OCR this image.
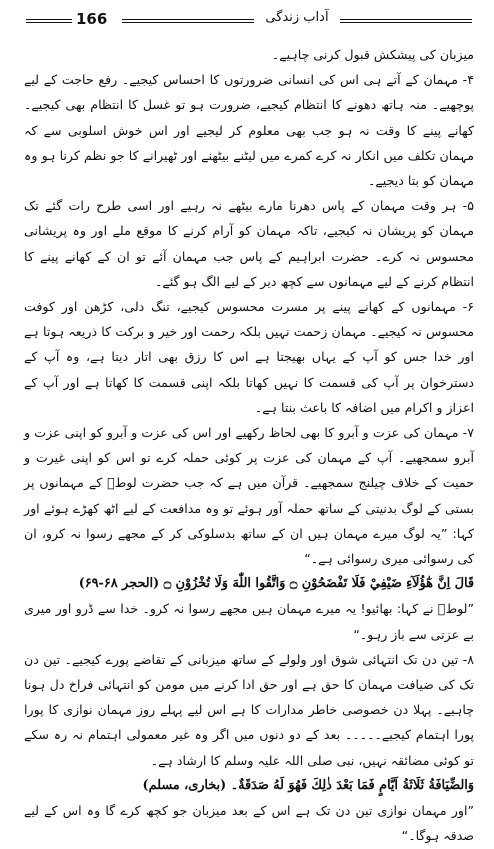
166	آداب زندگی

میزبان کی پیشکش قبول کرنی چاہیے۔

۴- مہمان کے آتے ہی اس کی انسانی ضرورتوں کا احساس کیجیے۔ رفع حاجت کے لیے پوچھیے۔ منہ ہاتھ دھونے کا انتظام کیجیے، ضرورت ہو تو غسل کا انتظام بھی کیجیے۔ کھانے پینے کا وقت نہ ہو جب بھی معلوم کر لیجیے اور اس خوش اسلوبی سے کہ مہمان تکلف میں انکار نہ کرے کمرے میں لیٹنے بیٹھنے اور ٹھیرانے کا جو نظم کرنا ہو وہ مہمان کو بتا دیجیے۔

۵- ہر وقت مہمان کے پاس دھرنا مارے بیٹھے نہ رہیے اور اسی طرح رات گئے تک مہمان کو پریشان نہ کیجیے، تاکہ مہمان کو آرام کرنے کا موقع ملے اور وہ پریشانی محسوس نہ کرے۔ حضرت ابراہیم کے پاس جب مہمان آئے تو ان کے کھانے پینے کا انتظام کرنے کے لیے مہمانوں سے کچھ دیر کے لیے الگ ہو گئے۔

۶- مہمانوں کے کھانے پینے پر مسرت محسوس کیجیے، تنگ دلی، کڑھن اور کوفت محسوس نہ کیجیے۔ مہمان زحمت نہیں بلکہ رحمت اور خیر و برکت کا ذریعہ ہوتا ہے اور خدا جس کو آپ کے یہاں بھیجتا ہے اس کا رزق بھی اتار دیتا ہے، وہ آپ کے دسترخوان پر آپ کی قسمت کا نہیں کھاتا بلکہ اپنی قسمت کا کھاتا ہے اور آپ کے اعزاز و اکرام میں اضافہ کا باعث بنتا ہے۔

۷- مہمان کی عزت و آبرو کا بھی لحاظ رکھیے اور اس کی عزت و آبرو کو اپنی عزت و آبرو سمجھیے۔ آپ کے مہمان کی عزت پر کوئی حملہ کرے تو اس کو اپنی غیرت و حمیت کے خلاف چیلنج سمجھیے۔ قرآن میں ہے کہ جب حضرت لوطؑ کے مہمانوں پر بستی کے لوگ بدنیتی کے ساتھ حملہ آور ہوئے تو وہ مدافعت کے لیے اٹھ کھڑے ہوئے اور کہا: ”یہ لوگ میرے مہمان ہیں ان کے ساتھ بدسلوکی کر کے مجھے رسوا نہ کرو، ان کی رسوائی میری رسوائی ہے۔“

قَالَ اِنَّ هٰٓؤُلَآءِ ضَيْفِيْ فَلَا تَفْضَحُوْنِ ۝ وَاتَّقُوا اللّٰهَ وَلَا تُخْزُوْنِ ۝ (الحجر ۶۸-۶۹)

”لوطؑ نے کہا: بھائیو! یہ میرے مہمان ہیں مجھے رسوا نہ کرو۔ خدا سے ڈرو اور میری بے عزتی سے باز رہو۔“

۸- تین دن تک انتہائی شوق اور ولولے کے ساتھ میزبانی کے تقاضے پورے کیجیے۔ تین دن تک کی ضیافت مہمان کا حق ہے اور حق ادا کرنے میں مومن کو انتہائی فراخ دل ہونا چاہیے۔ پہلا دن خصوصی خاطر مدارات کا ہے اس لیے پہلے روز مہمان نوازی کا پورا پورا اہتمام کیجیے۔۔۔۔۔ بعد کے دو دنوں میں اگر وہ غیر معمولی اہتمام نہ رہ سکے تو کوئی مضائقہ نہیں، نبی صلی اللہ علیہ وسلم کا ارشاد ہے۔

وَالضِّيَافَةُ ثَلَاثَةُ اَيَّامٍ فَمَا بَعْدَ ذٰلِكَ فَهُوَ لَهُ صَدَقَةٌ۔ (بخاری، مسلم)

”اور مہمان نوازی تین دن تک ہے اس کے بعد میزبان جو کچھ کرے گا وہ اس کے لیے صدقہ ہوگا۔“
